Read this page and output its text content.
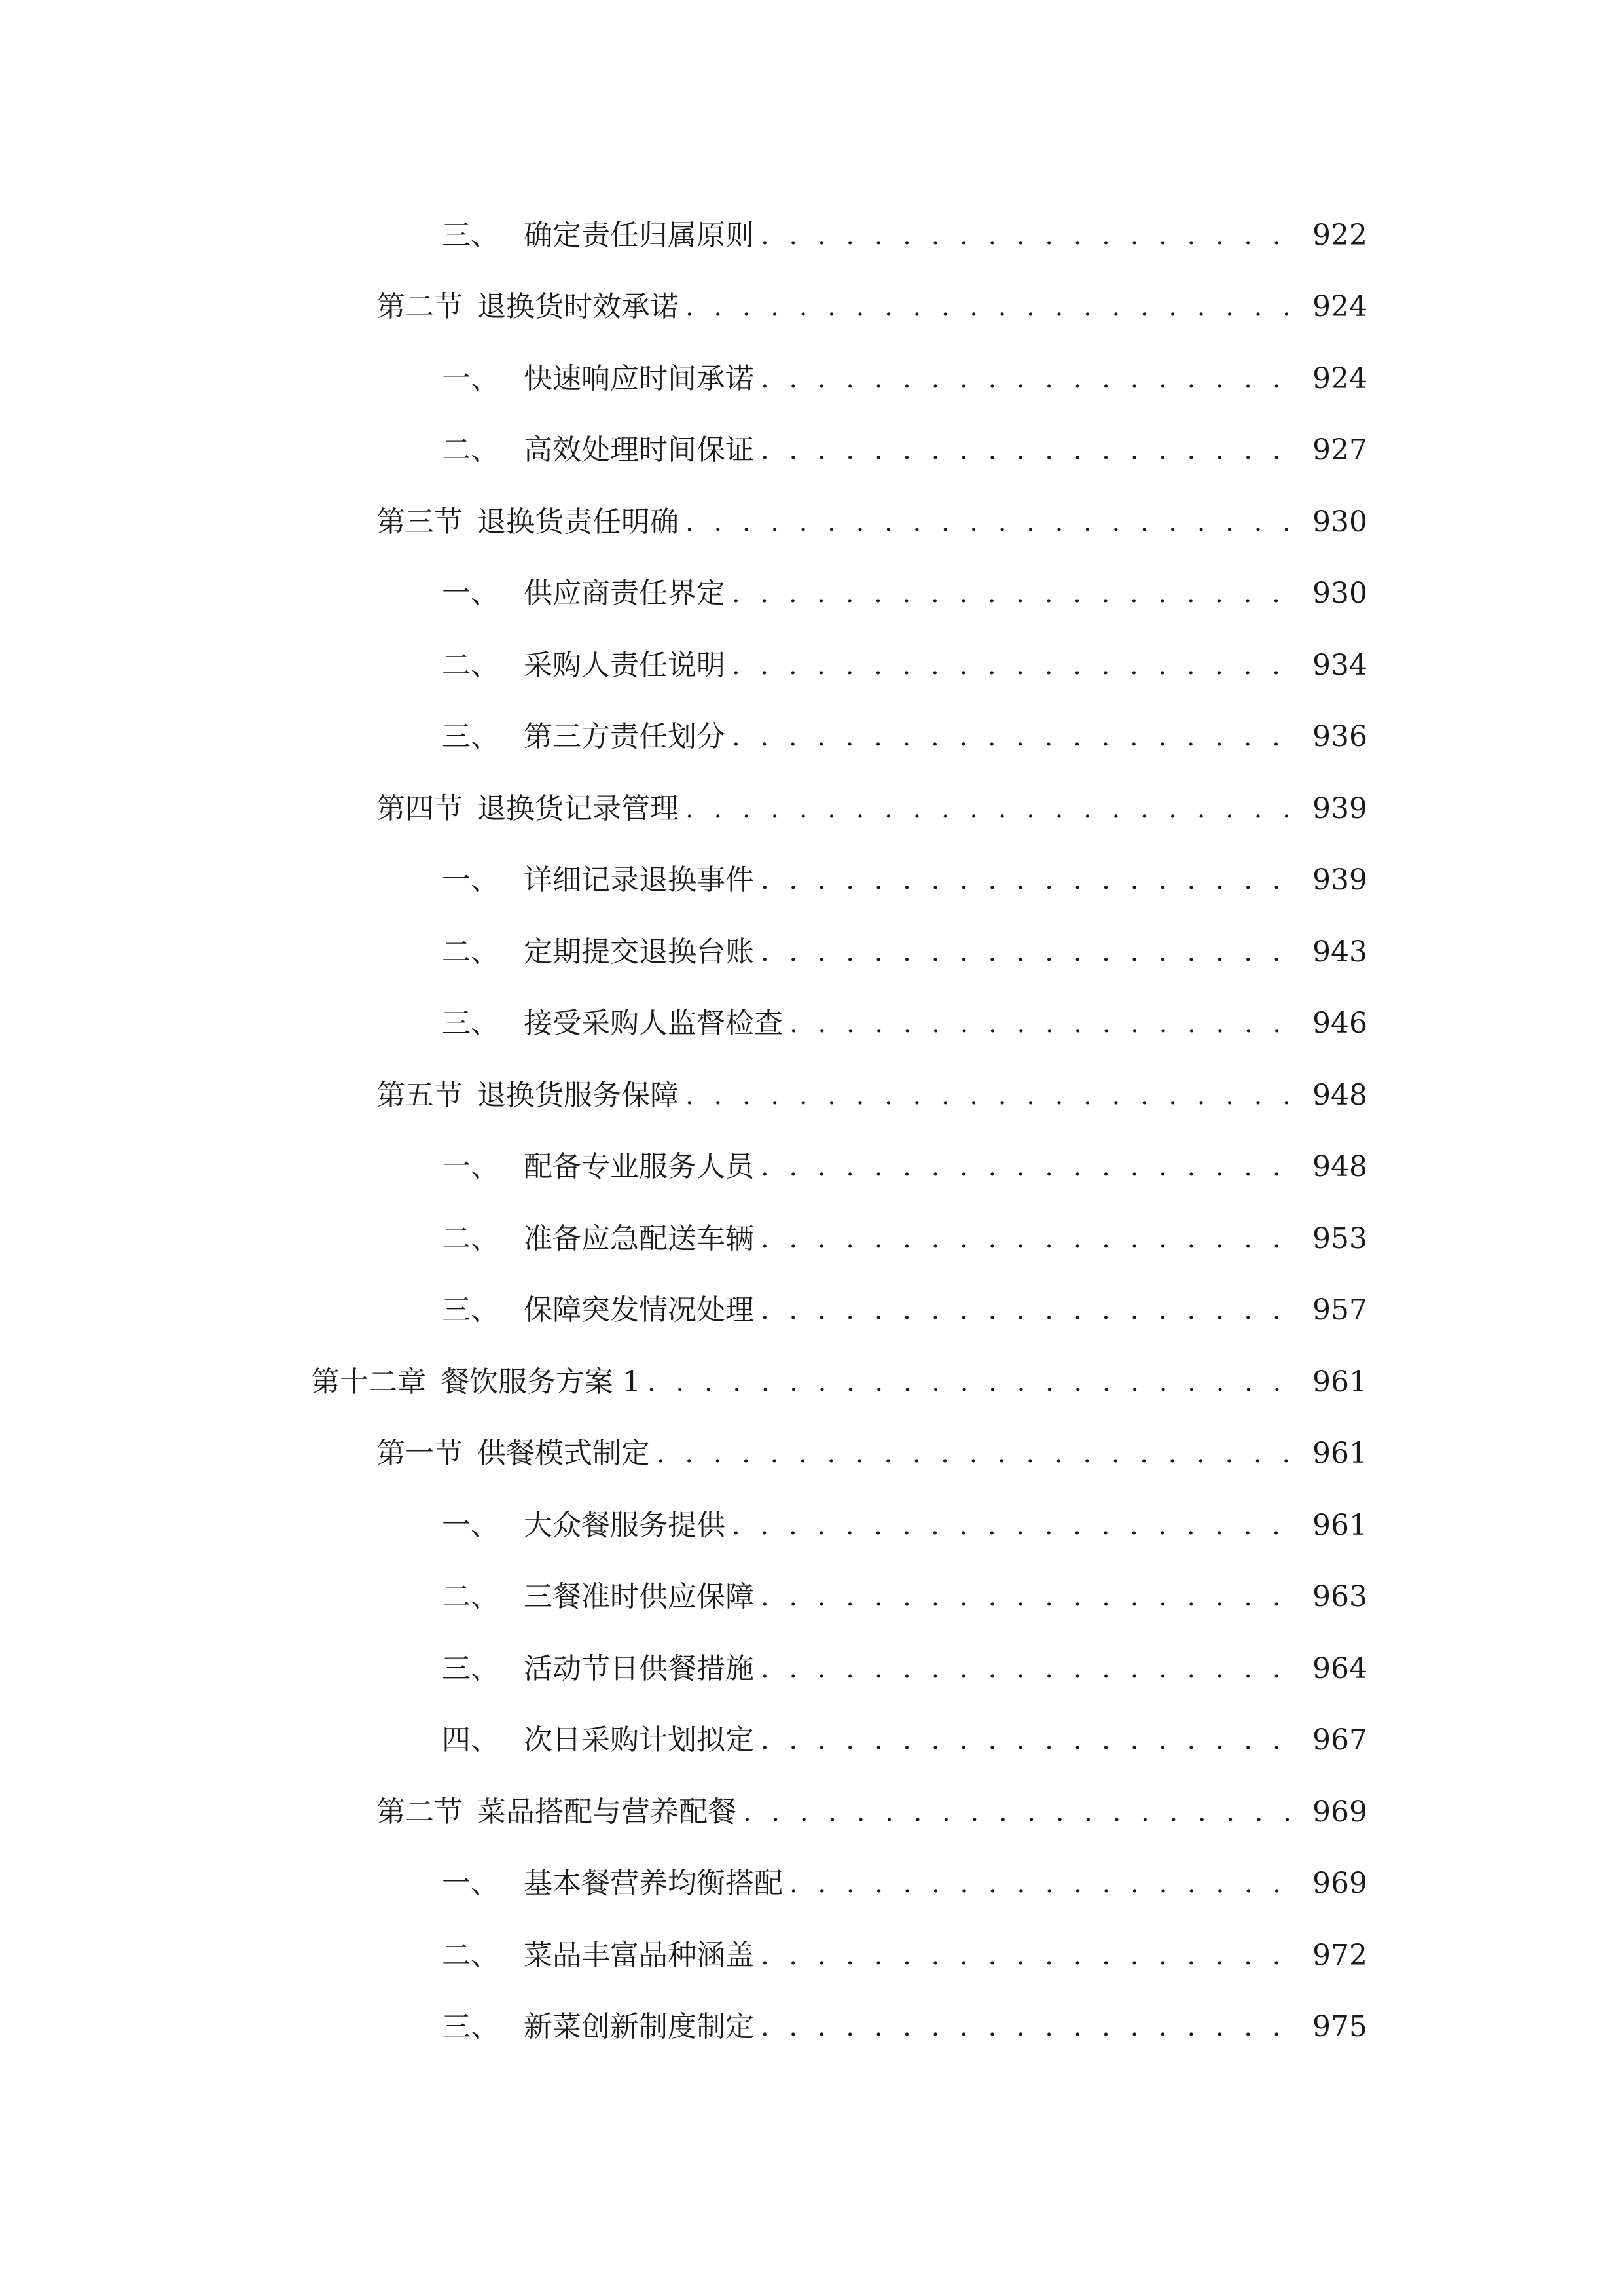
三、 确定责任归属原则 . . .	922
第二节 退换货时效承诺 . . .	924
一、 快速响应时间承诺 . . .	924
二、 高效处理时间保证 . . .	927
第三节 退换货责任明确 . . .	930
一、 供应商责任界定 . . .	930
二、 采购人责任说明 . . .	934
三、 第三方责任划分 . . .	936
第四节 退换货记录管理 . . .	939
一、 详细记录退换事件 . . .	939
二、 定期提交退换台账 . . .	943
三、 接受采购人监督检查 . . .	946
第五节 退换货服务保障 . . .	948
一、 配备专业服务人员 . . .	948
二、 准备应急配送车辆 . . .	953
三、 保障突发情况处理 . . .	957
第十二章 餐饮服务方案 1 . . .	961
第一节 供餐模式制定 . . .	961
一、 大众餐服务提供 . . .	961
二、 三餐准时供应保障 . . .	963
三、 活动节日供餐措施 . . .	964
四、 次日采购计划拟定 . . .	967
第二节 菜品搭配与营养配餐 . . .	969
一、 基本餐营养均衡搭配 . . .	969
二、 菜品丰富品种涵盖 . . .	972
三、 新菜创新制度制定 . . .	975
